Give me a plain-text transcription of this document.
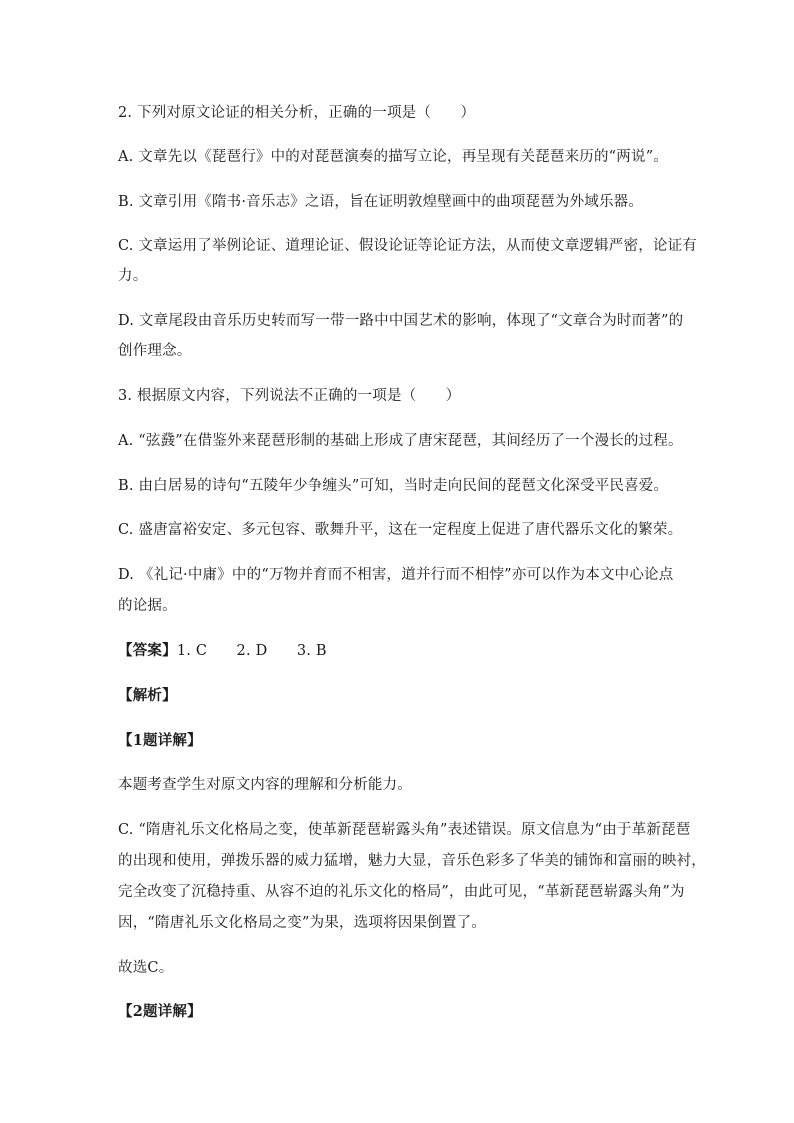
2. 下列对原文论证的相关分析，正确的一项是（　　）
A. 文章先以《琵琶行》中的对琵琶演奏的描写立论，再呈现有关琵琶来历的“两说”。
B. 文章引用《隋书·音乐志》之语，旨在证明敦煌壁画中的曲项琵琶为外域乐器。
C. 文章运用了举例论证、道理论证、假设论证等论证方法，从而使文章逻辑严密，论证有
力。
D. 文章尾段由音乐历史转而写一带一路中中国艺术的影响，体现了“文章合为时而著”的
创作理念。
3. 根据原文内容，下列说法不正确的一项是（　　）
A. “弦鼗”在借鉴外来琵琶形制的基础上形成了唐宋琵琶，其间经历了一个漫长的过程。
B. 由白居易的诗句“五陵年少争缠头”可知，当时走向民间的琵琶文化深受平民喜爱。
C. 盛唐富裕安定、多元包容、歌舞升平，这在一定程度上促进了唐代器乐文化的繁荣。
D. 《礼记·中庸》中的“万物并育而不相害，道并行而不相悖”亦可以作为本文中心论点
的论据。
【答案】1. C　　2. D　　3. B
【解析】
【1题详解】
本题考查学生对原文内容的理解和分析能力。
C. “隋唐礼乐文化格局之变，使革新琵琶崭露头角”表述错误。原文信息为“由于革新琵琶
的出现和使用，弹拨乐器的威力猛增，魅力大显，音乐色彩多了华美的铺饰和富丽的映衬，
完全改变了沉稳持重、从容不迫的礼乐文化的格局”，由此可见，“革新琵琶崭露头角”为
因，“隋唐礼乐文化格局之变”为果，选项将因果倒置了。
故选C。
【2题详解】
